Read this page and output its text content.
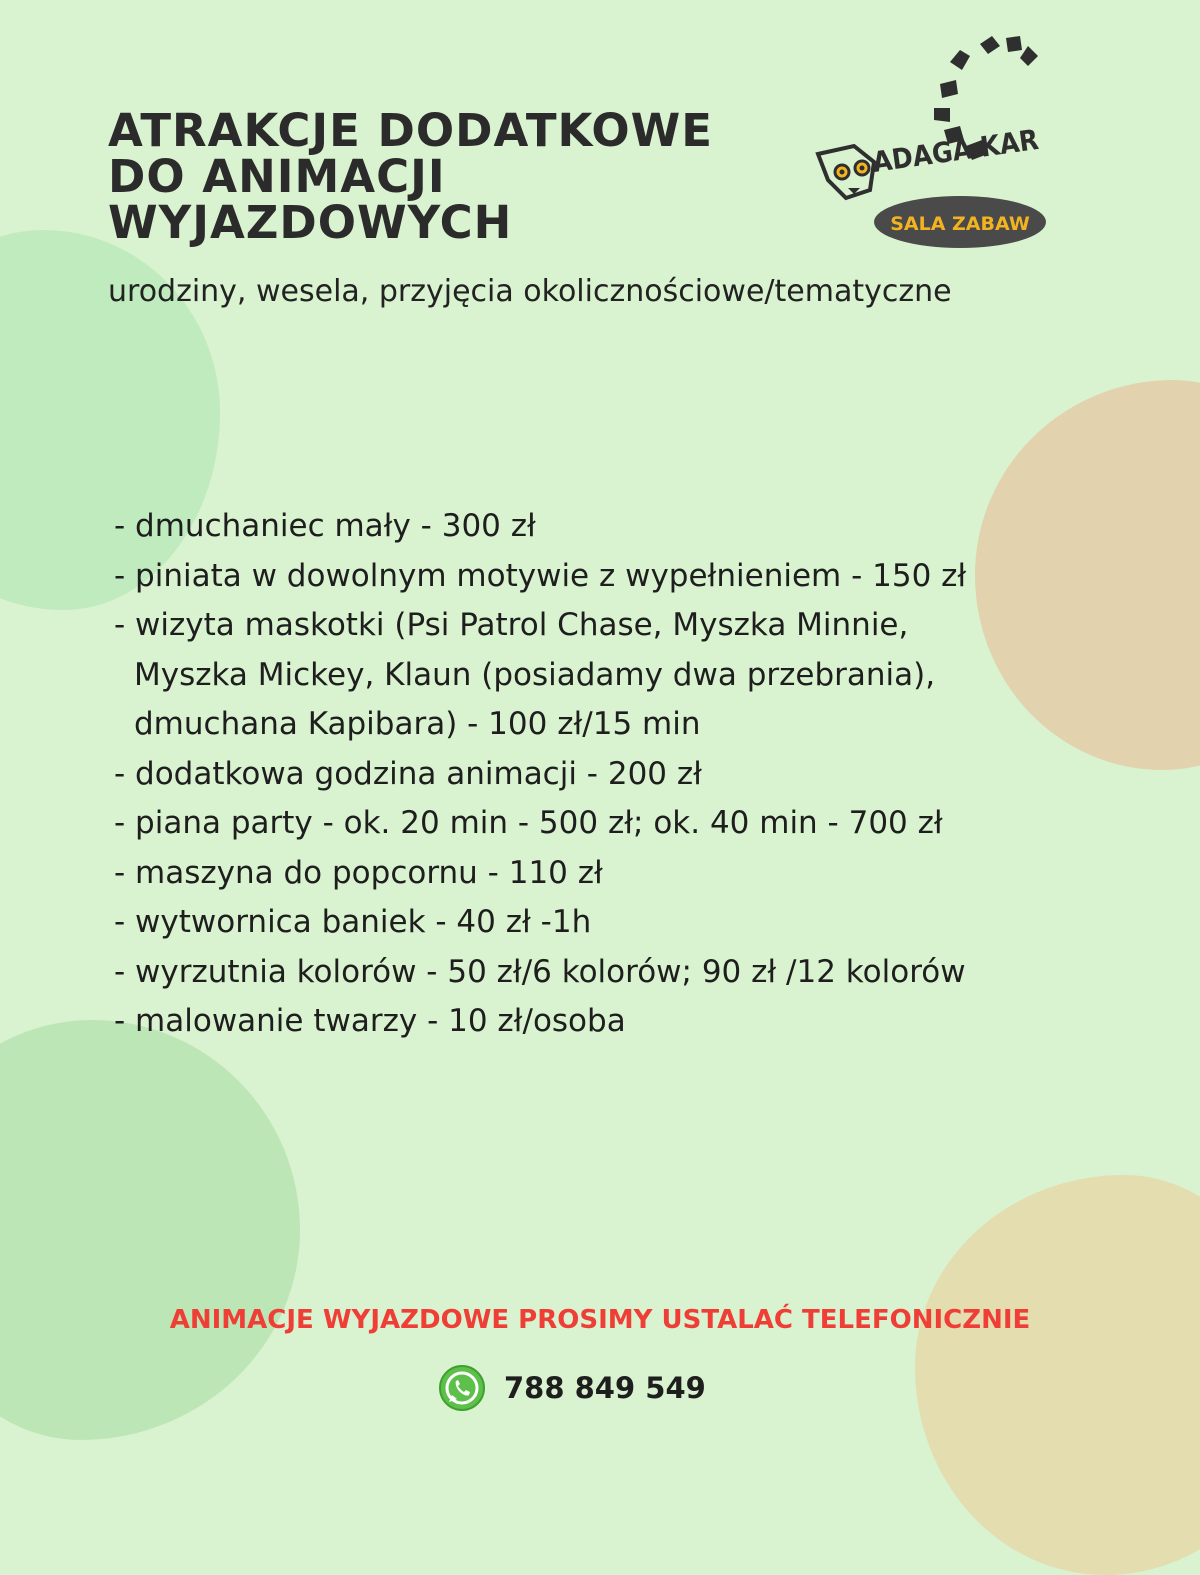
ATRAKCJE DODATKOWE
DO ANIMACJI
WYJAZDOWYCH
urodziny, wesela, przyjęcia okolicznościowe/tematyczne
ADAGA KAR
SALA ZABAW
- dmuchaniec mały - 300 zł
- piniata w dowolnym motywie z wypełnieniem - 150 zł
- wizyta maskotki (Psi Patrol Chase, Myszka Minnie,
Myszka Mickey, Klaun (posiadamy dwa przebrania),
dmuchana Kapibara) - 100 zł/15 min
- dodatkowa godzina animacji - 200 zł
- piana party - ok. 20 min - 500 zł; ok. 40 min - 700 zł
- maszyna do popcornu - 110 zł
- wytwornica baniek - 40 zł -1h
- wyrzutnia kolorów - 50 zł/6 kolorów; 90 zł /12 kolorów
- malowanie twarzy - 10 zł/osoba
ANIMACJE WYJAZDOWE PROSIMY USTALAĆ TELEFONICZNIE
788 849 549
